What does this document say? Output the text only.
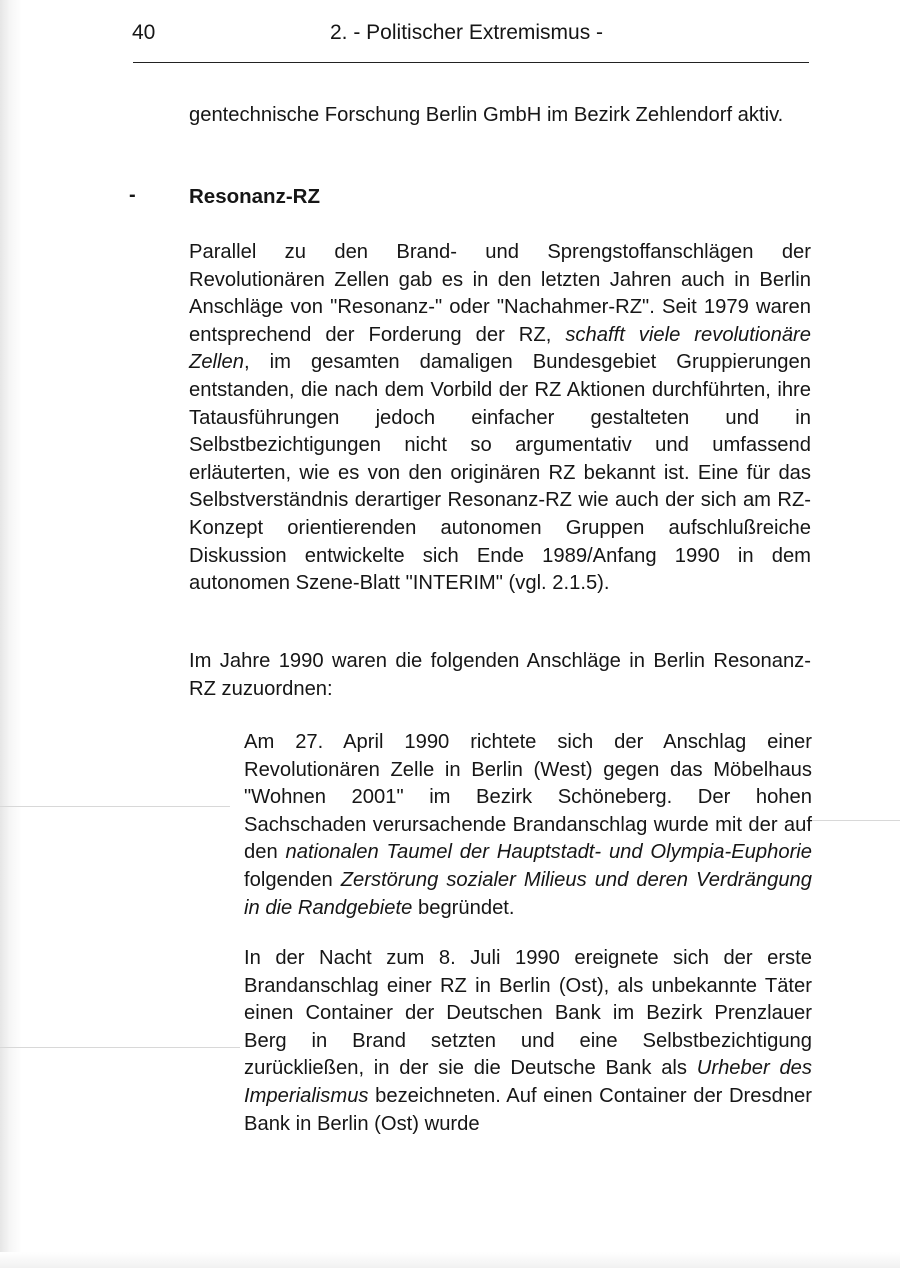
40	2. - Politischer Extremismus -

gentechnische Forschung Berlin GmbH im Bezirk Zehlendorf aktiv.

-	Resonanz-RZ

Parallel zu den Brand- und Sprengstoffanschlägen der Revolutionären Zellen gab es in den letzten Jahren auch in Berlin Anschläge von "Resonanz-" oder "Nachahmer-RZ". Seit 1979 waren entsprechend der Forderung der RZ, schafft viele revolutionäre Zellen, im gesamten damaligen Bundesgebiet Gruppierungen entstanden, die nach dem Vorbild der RZ Aktionen durchführten, ihre Tatausführungen jedoch einfacher gestalteten und in Selbstbezichtigungen nicht so argumentativ und umfassend erläuterten, wie es von den originären RZ bekannt ist. Eine für das Selbstverständnis derartiger Resonanz-RZ wie auch der sich am RZ-Konzept orientierenden autonomen Gruppen aufschlußreiche Diskussion entwickelte sich Ende 1989/Anfang 1990 in dem autonomen Szene-Blatt "INTERIM" (vgl. 2.1.5).

Im Jahre 1990 waren die folgenden Anschläge in Berlin Resonanz-RZ zuzuordnen:

Am 27. April 1990 richtete sich der Anschlag einer Revolutionären Zelle in Berlin (West) gegen das Möbelhaus "Wohnen 2001" im Bezirk Schöneberg. Der hohen Sachschaden verursachende Brandanschlag wurde mit der auf den nationalen Taumel der Hauptstadt- und Olympia-Euphorie folgenden Zerstörung sozialer Milieus und deren Verdrängung in die Randgebiete begründet.

In der Nacht zum 8. Juli 1990 ereignete sich der erste Brandanschlag einer RZ in Berlin (Ost), als unbekannte Täter einen Container der Deutschen Bank im Bezirk Prenzlauer Berg in Brand setzten und eine Selbstbezichtigung zurückließen, in der sie die Deutsche Bank als Urheber des Imperialismus bezeichneten. Auf einen Container der Dresdner Bank in Berlin (Ost) wurde
